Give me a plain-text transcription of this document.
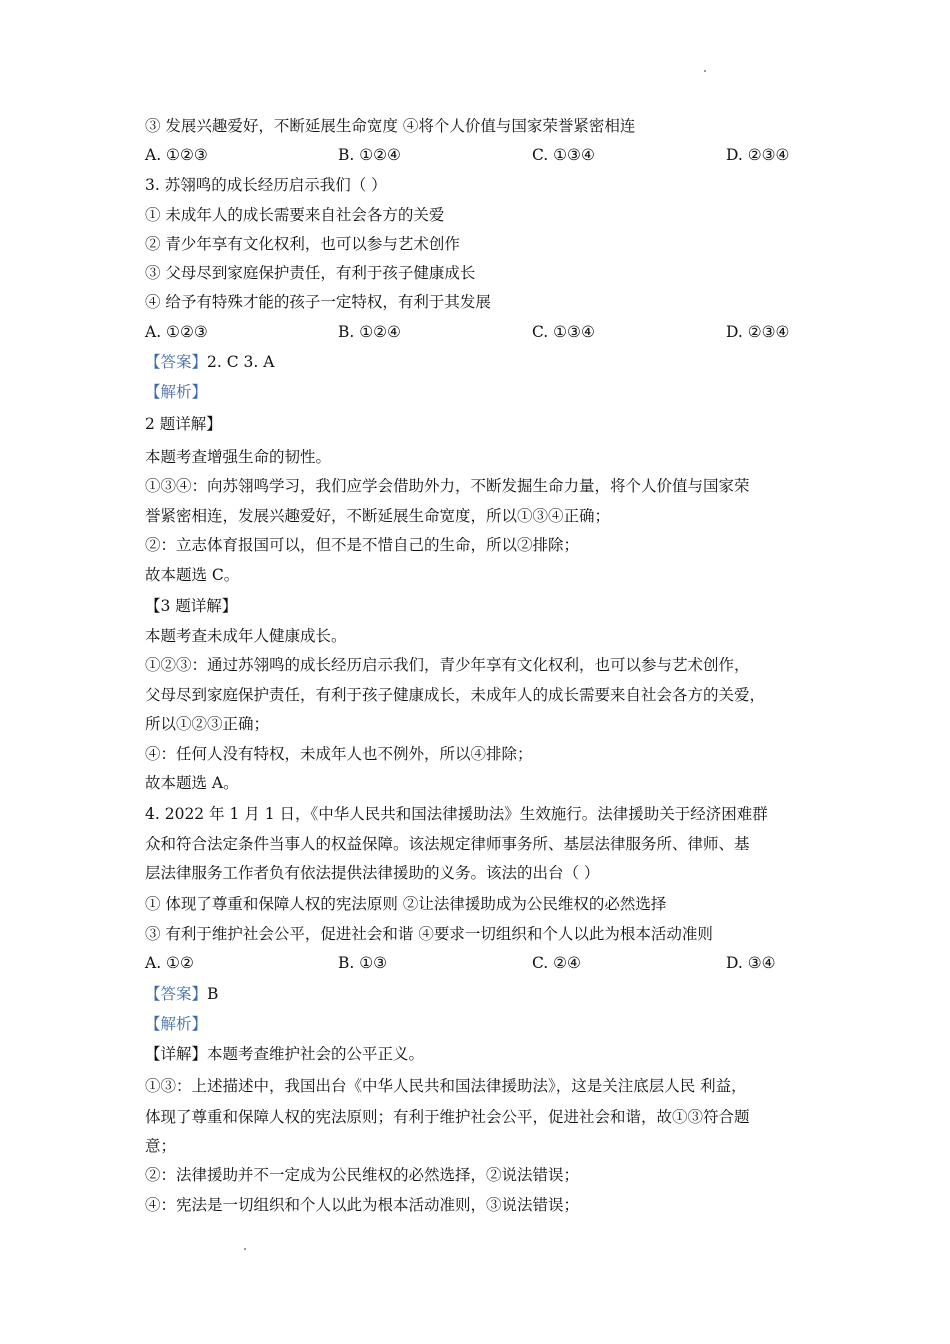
③ 发展兴趣爱好，不断延展生命宽度 ④将个人价值与国家荣誉紧密相连
A. ①②③	B. ①②④	C. ①③④	D. ②③④
3. 苏翎鸣的成长经历启示我们（ ）
① 未成年人的成长需要来自社会各方的关爱
② 青少年享有文化权利，也可以参与艺术创作
③ 父母尽到家庭保护责任，有利于孩子健康成长
④ 给予有特殊才能的孩子一定特权，有利于其发展
A. ①②③	B. ①②④	C. ①③④	D. ②③④
【答案】2. C 3. A
【解析】
2 题详解】
本题考查增强生命的韧性。
①③④：向苏翎鸣学习，我们应学会借助外力，不断发掘生命力量，将个人价值与国家荣
誉紧密相连，发展兴趣爱好，不断延展生命宽度，所以①③④正确；
②：立志体育报国可以，但不是不惜自己的生命，所以②排除；
故本题选 C。
【3 题详解】
本题考查未成年人健康成长。
①②③：通过苏翎鸣的成长经历启示我们，青少年享有文化权利，也可以参与艺术创作，
父母尽到家庭保护责任，有利于孩子健康成长，未成年人的成长需要来自社会各方的关爱，
所以①②③正确；
④：任何人没有特权，未成年人也不例外，所以④排除；
故本题选 A。
4. 2022 年 1 月 1 日，《中华人民共和国法律援助法》生效施行。法律援助关于经济困难群
众和符合法定条件当事人的权益保障。该法规定律师事务所、基层法律服务所、律师、基
层法律服务工作者负有依法提供法律援助的义务。该法的出台（ ）
① 体现了尊重和保障人权的宪法原则 ②让法律援助成为公民维权的必然选择
③ 有利于维护社会公平，促进社会和谐 ④要求一切组织和个人以此为根本活动准则
A. ①②	B. ①③	C. ②④	D. ③④
【答案】B
【解析】
【详解】本题考查维护社会的公平正义。
①③：上述描述中，我国出台《中华人民共和国法律援助法》，这是关注底层人民 利益，
体现了尊重和保障人权的宪法原则；有利于维护社会公平，促进社会和谐，故①③符合题
意；
②：法律援助并不一定成为公民维权的必然选择，②说法错误；
④：宪法是一切组织和个人以此为根本活动准则，③说法错误；
